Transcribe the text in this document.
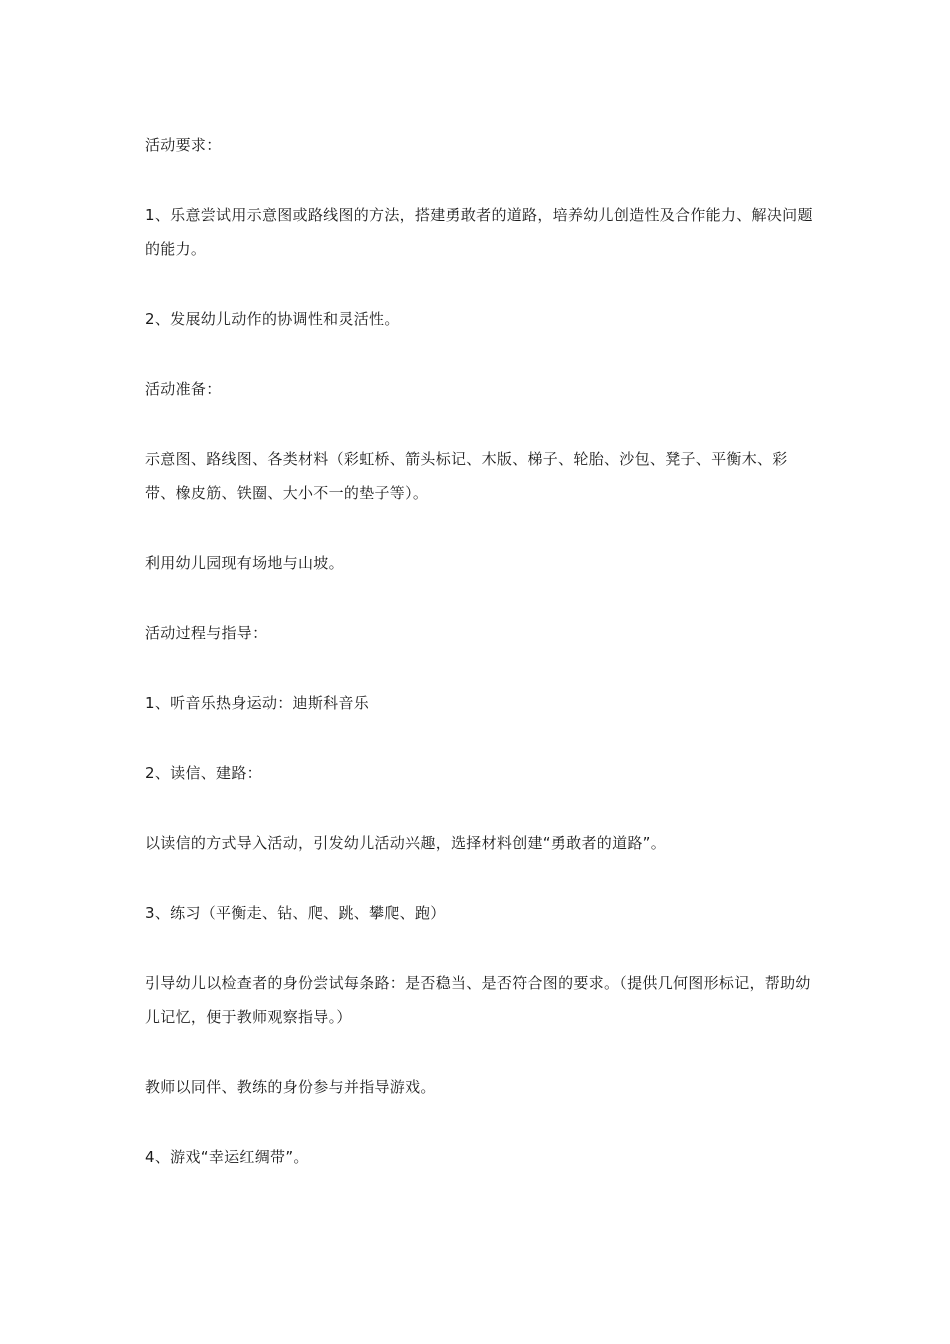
活动要求：

1、乐意尝试用示意图或路线图的方法，搭建勇敢者的道路，培养幼儿创造性及合作能力、解决问题的能力。

2、发展幼儿动作的协调性和灵活性。

活动准备：

示意图、路线图、各类材料（彩虹桥、箭头标记、木版、梯子、轮胎、沙包、凳子、平衡木、彩带、橡皮筋、铁圈、大小不一的垫子等）。

利用幼儿园现有场地与山坡。

活动过程与指导：

1、听音乐热身运动：迪斯科音乐

2、读信、建路：

以读信的方式导入活动，引发幼儿活动兴趣，选择材料创建“勇敢者的道路”。

3、练习（平衡走、钻、爬、跳、攀爬、跑）

引导幼儿以检查者的身份尝试每条路：是否稳当、是否符合图的要求。（提供几何图形标记，帮助幼儿记忆，便于教师观察指导。）

教师以同伴、教练的身份参与并指导游戏。

4、游戏“幸运红绸带”。
